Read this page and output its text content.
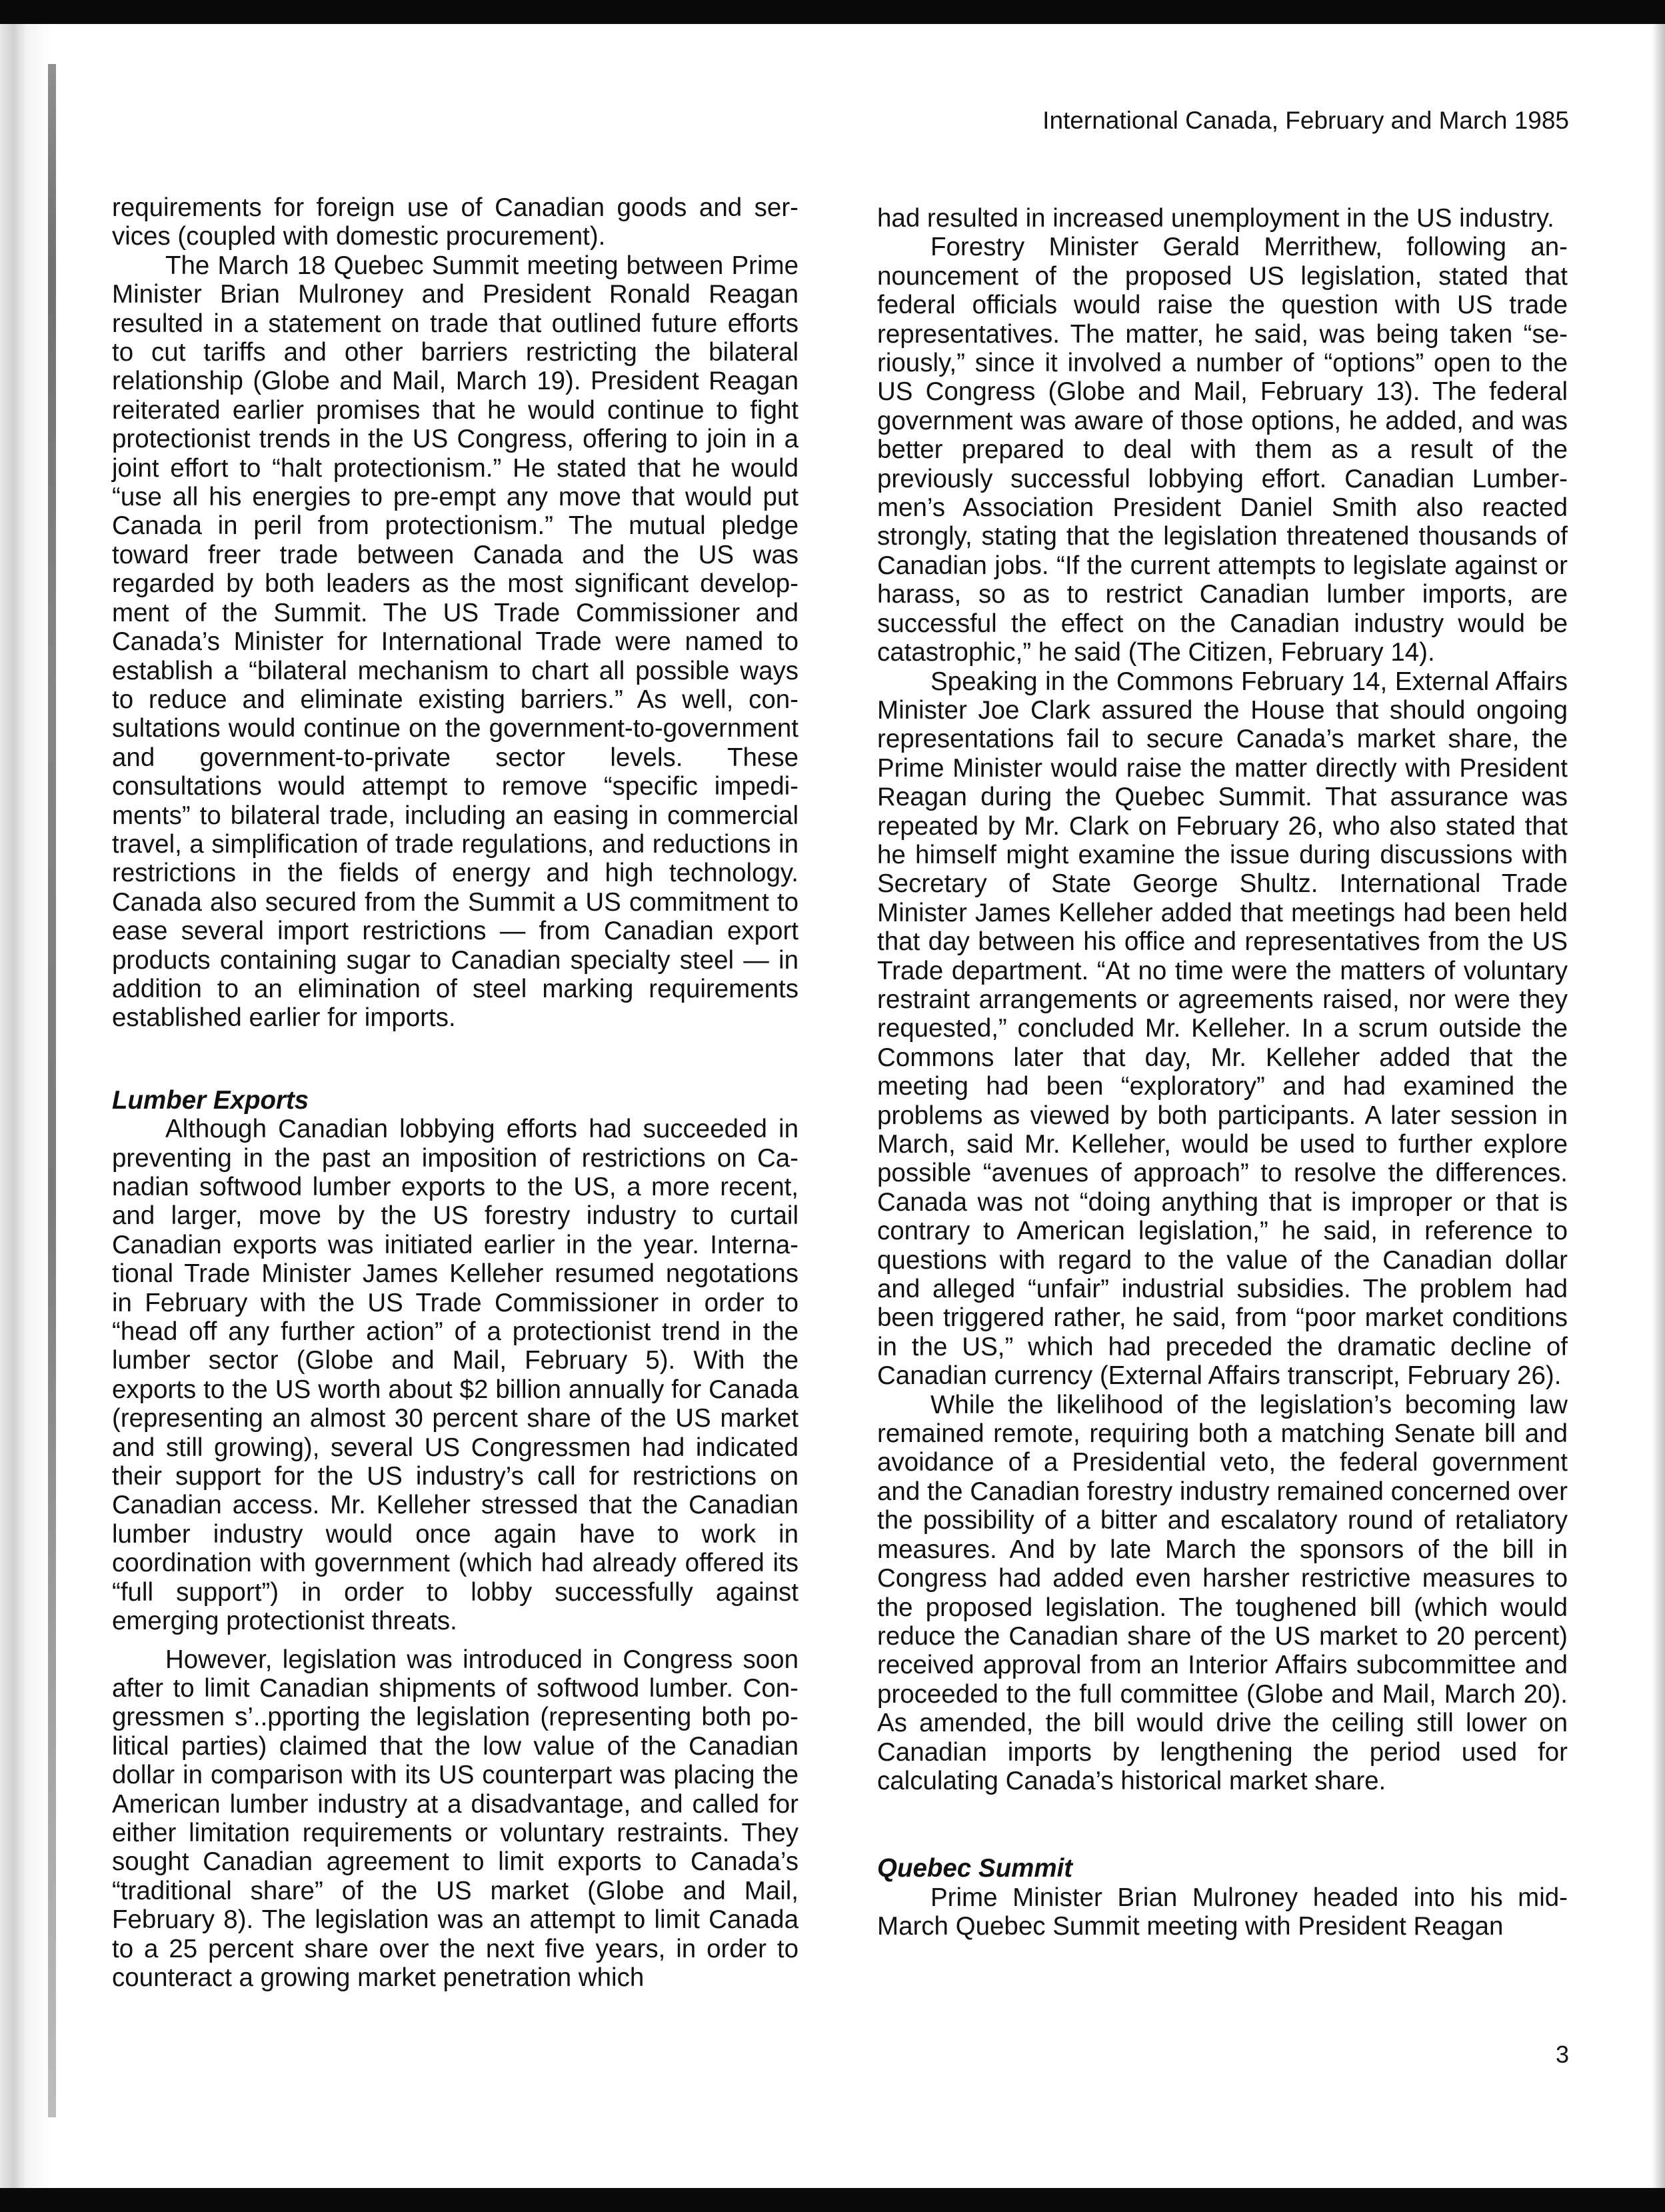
International Canada, February and March 1985

requirements for foreign use of Canadian goods and services (coupled with domestic procurement).

The March 18 Quebec Summit meeting between Prime Minister Brian Mulroney and President Ronald Reagan resulted in a statement on trade that outlined future efforts to cut tariffs and other barriers restricting the bilateral relationship (Globe and Mail, March 19). President Reagan reiterated earlier promises that he would continue to fight protectionist trends in the US Congress, offering to join in a joint effort to “halt protectionism.” He stated that he would “use all his energies to pre-empt any move that would put Canada in peril from protectionism.” The mutual pledge toward freer trade between Canada and the US was regarded by both leaders as the most significant development of the Summit. The US Trade Commissioner and Canada’s Minister for International Trade were named to establish a “bilateral mechanism to chart all possible ways to reduce and eliminate existing barriers.” As well, consultations would continue on the government-to-government and government-to-private sector levels. These consultations would attempt to remove “specific impediments” to bilateral trade, including an easing in commercial travel, a simplification of trade regulations, and reductions in restrictions in the fields of energy and high technology. Canada also secured from the Summit a US commitment to ease several import restrictions — from Canadian export products containing sugar to Canadian specialty steel — in addition to an elimination of steel marking requirements established earlier for imports.

Lumber Exports

Although Canadian lobbying efforts had succeeded in preventing in the past an imposition of restrictions on Canadian softwood lumber exports to the US, a more recent, and larger, move by the US forestry industry to curtail Canadian exports was initiated earlier in the year. International Trade Minister James Kelleher resumed negotations in February with the US Trade Commissioner in order to “head off any further action” of a protectionist trend in the lumber sector (Globe and Mail, February 5). With the exports to the US worth about $2 billion annually for Canada (representing an almost 30 percent share of the US market and still growing), several US Congressmen had indicated their support for the US industry’s call for restrictions on Canadian access. Mr. Kelleher stressed that the Canadian lumber industry would once again have to work in coordination with government (which had already offered its “full support”) in order to lobby successfully against emerging protectionist threats.

However, legislation was introduced in Congress soon after to limit Canadian shipments of softwood lumber. Congressmen s’..pporting the legislation (representing both political parties) claimed that the low value of the Canadian dollar in comparison with its US counterpart was placing the American lumber industry at a disadvantage, and called for either limitation requirements or voluntary restraints. They sought Canadian agreement to limit exports to Canada’s “traditional share” of the US market (Globe and Mail, February 8). The legislation was an attempt to limit Canada to a 25 percent share over the next five years, in order to counteract a growing market penetration which

had resulted in increased unemployment in the US industry.

Forestry Minister Gerald Merrithew, following announcement of the proposed US legislation, stated that federal officials would raise the question with US trade representatives. The matter, he said, was being taken “seriously,” since it involved a number of “options” open to the US Congress (Globe and Mail, February 13). The federal government was aware of those options, he added, and was better prepared to deal with them as a result of the previously successful lobbying effort. Canadian Lumbermen’s Association President Daniel Smith also reacted strongly, stating that the legislation threatened thousands of Canadian jobs. “If the current attempts to legislate against or harass, so as to restrict Canadian lumber imports, are successful the effect on the Canadian industry would be catastrophic,” he said (The Citizen, February 14).

Speaking in the Commons February 14, External Affairs Minister Joe Clark assured the House that should ongoing representations fail to secure Canada’s market share, the Prime Minister would raise the matter directly with President Reagan during the Quebec Summit. That assurance was repeated by Mr. Clark on February 26, who also stated that he himself might examine the issue during discussions with Secretary of State George Shultz. International Trade Minister James Kelleher added that meetings had been held that day between his office and representatives from the US Trade department. “At no time were the matters of voluntary restraint arrangements or agreements raised, nor were they requested,” concluded Mr. Kelleher. In a scrum outside the Commons later that day, Mr. Kelleher added that the meeting had been “exploratory” and had examined the problems as viewed by both participants. A later session in March, said Mr. Kelleher, would be used to further explore possible “avenues of approach” to resolve the differences. Canada was not “doing anything that is improper or that is contrary to American legislation,” he said, in reference to questions with regard to the value of the Canadian dollar and alleged “unfair” industrial subsidies. The problem had been triggered rather, he said, from “poor market conditions in the US,” which had preceded the dramatic decline of Canadian currency (External Affairs transcript, February 26).

While the likelihood of the legislation’s becoming law remained remote, requiring both a matching Senate bill and avoidance of a Presidential veto, the federal government and the Canadian forestry industry remained concerned over the possibility of a bitter and escalatory round of retaliatory measures. And by late March the sponsors of the bill in Congress had added even harsher restrictive measures to the proposed legislation. The toughened bill (which would reduce the Canadian share of the US market to 20 percent) received approval from an Interior Affairs subcommittee and proceeded to the full committee (Globe and Mail, March 20). As amended, the bill would drive the ceiling still lower on Canadian imports by lengthening the period used for calculating Canada’s historical market share.

Quebec Summit

Prime Minister Brian Mulroney headed into his mid-March Quebec Summit meeting with President Reagan

3
